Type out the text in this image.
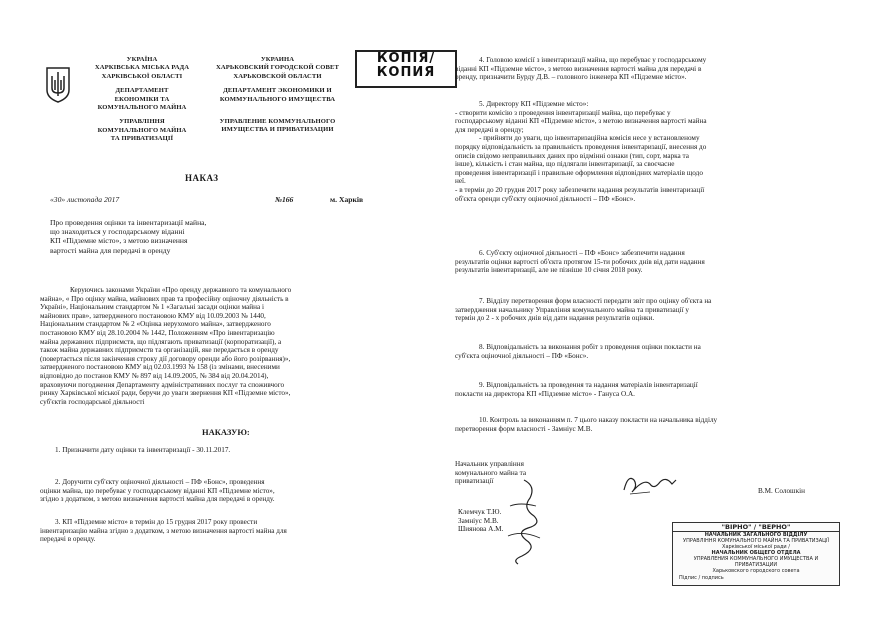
УКРАЇНА
ХАРКІВСЬКА МІСЬКА РАДА
ХАРКІВСЬКОЇ ОБЛАСТІ
ДЕПАРТАМЕНТ
ЕКОНОМІКИ ТА
КОМУНАЛЬНОГО МАЙНА
УПРАВЛІННЯ
КОМУНАЛЬНОГО МАЙНА
ТА ПРИВАТИЗАЦІЇ
УКРАИНА
ХАРЬКОВСКИЙ ГОРОДСКОЙ СОВЕТ
ХАРЬКОВСКОЙ ОБЛАСТИ
ДЕПАРТАМЕНТ ЭКОНОМИКИ И
КОММУНАЛЬНОГО ИМУЩЕСТВА
УПРАВЛЕНИЕ КОММУНАЛЬНОГО
ИМУЩЕСТВА И ПРИВАТИЗАЦИИ
КОПІЯ/
КОПИЯ
НАКАЗ
«30» листопада 2017	№166	м. Харків
Про проведення оцінки та інвентаризації майна,
що знаходиться у господарському віданні
КП «Підземне місто», з метою визначення
вартості майна для передачі в оренду
Керуючись законами України «Про оренду державного та комунального
майна», « Про оцінку майна, майнових прав та професійну оціночну діяльність в
Україні», Національним стандартом № 1 «Загальні засади оцінки майна і
майнових прав», затвердженого постановою КМУ від 10.09.2003 № 1440,
Національним стандартом № 2 «Оцінка нерухомого майна», затвердженого
постановою КМУ від 28.10.2004 № 1442, Положенням «Про інвентаризацію
майна державних підприємств, що підлягають приватизації (корпоратизації), а
також майна державних підприємств та організацій, яке передається в оренду
(повертається після закінчення строку дії договору оренди або його розірвання)»,
затвердженого постановою КМУ від 02.03.1993 № 158 (із змінами, внесеними
відповідно до постанов КМУ № 897 від 14.09.2005, № 384 від 20.04.2014),
враховуючи погодження Департаменту адміністративних послуг та споживчого
ринку Харківської міської ради, беручи до уваги звернення КП «Підземне місто»,
суб'єктів господарської діяльності
НАКАЗУЮ:
1. Призначити дату оцінки та інвентаризації - 30.11.2017.
2. Доручити суб'єкту оціночної діяльності – ПФ «Бонс», проведення
оцінки майна, що перебуває у господарському віданні КП «Підземне місто»,
згідно з додатком, з метою визначення вартості майна для передачі в оренду.
3. КП «Підземне місто» в термін до 15 грудня 2017 року провести
інвентаризацію майна згідно з додатком, з метою визначення вартості майна для
передачі в оренду.
4. Головою комісії з інвентаризації майна, що перебуває у господарському
віданні КП «Підземне місто», з метою визначення вартості майна для передачі в
оренду, призначити Бурду Д.В. – головного інженера КП «Підземне місто».
5. Директору КП «Підземне місто»:
- створити комісію з проведення інвентаризації майна, що перебуває у
господарському віданні КП «Підземне місто», з метою визначення вартості майна
для передачі в оренду;
- прийняти до уваги, що інвентаризаційна комісія несе у встановленому
порядку відповідальність за правильність проведення інвентаризації, внесення до
описів свідомо неправильних даних про відмінні ознаки (тип, сорт, марка та
інше), кількість і стан майна, що підлягали інвентаризації, за своєчасне
проведення інвентаризації і правильне оформлення відповідних матеріалів щодо
неї.
- в термін до 20 грудня 2017 року забезпечити надання результатів інвентаризації
об'єкта оренди суб'єкту оціночної діяльності – ПФ «Бонс».
6. Суб'єкту оціночної діяльності – ПФ «Бонс» забезпечити надання
результатів оцінки вартості об'єкта протягом 15-ти робочих днів від дати надання
результатів інвентаризації, але не пізніше 10 січня 2018 року.
7. Відділу перетворення форм власності передати звіт про оцінку об'єкта на
затвердження начальнику Управління комунального майна та приватизації у
термін до 2 - х робочих днів від дати надання результатів оцінки.
8. Відповідальність за виконання робіт з проведення оцінки покласти на
суб'єкта оціночної діяльності – ПФ «Бонс».
9. Відповідальність за проведення та надання матеріалів інвентаризації
покласти на директора КП «Підземне місто» - Гануса О.А.
10. Контроль за виконанням п. 7 цього наказу покласти на начальника відділу
перетворення форм власності - Замніус М.В.
Начальник управління
комунального майна та
приватизації
В.М. Солошкін
Клемчук Т.Ю.
Замніус М.В.
Шиянова А.М.	"ВІРНО" / "ВЕРНО"
НАЧАЛЬНИК ЗАГАЛЬНОГО ВІДДІЛУ
УПРАВЛІННЯ КОМУНАЛЬНОГО МАЙНА ТА ПРИВАТИЗАЦІЇ
Харківської міської ради /
НАЧАЛЬНИК ОБЩЕГО ОТДЕЛА
УПРАВЛЕНИЯ КОММУНАЛЬНОГО ИМУЩЕСТВА И ПРИВАТИЗАЦИИ
Харьковского городского совета
Підпис / подпись
